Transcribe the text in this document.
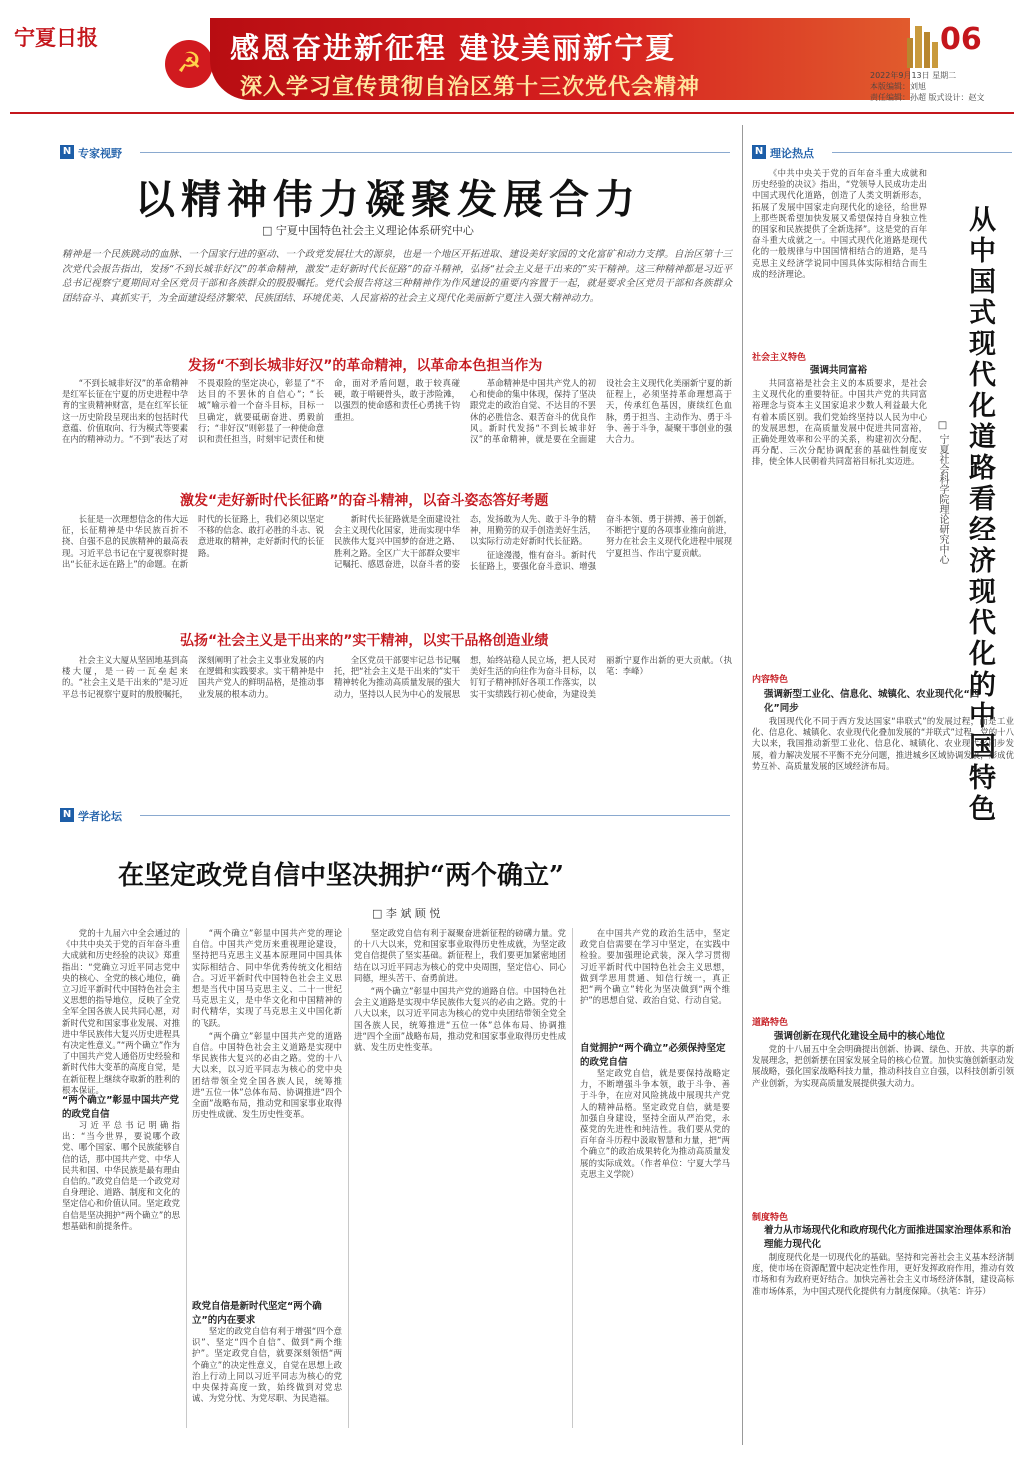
宁夏日报
☭ 感恩奋进新征程 建设美丽新宁夏
深入学习宣传贯彻自治区第十三次党代会精神
06
2022年9月13日 星期二
本版编辑：刘旭
责任编辑：孙超 版式设计：赵文
N 专家视野
以精神伟力凝聚发展合力
□ 宁夏中国特色社会主义理论体系研究中心
精神是一个民族跳动的血脉、一个国家行进的驱动、一个政党发展壮大的源泉，也是一个地区开拓进取、建设美好家园的文化富矿和动力支撑。自治区第十三次党代会报告指出，发扬“不到长城非好汉”的革命精神，激发“走好新时代长征路”的奋斗精神，弘扬“社会主义是干出来的”实干精神。这三种精神都是习近平总书记视察宁夏期间对全区党员干部和各族群众的殷殷嘱托。党代会报告将这三种精神作为作风建设的重要内容置于一起，就是要求全区党员干部和各族群众团结奋斗、真抓实干，为全面建设经济繁荣、民族团结、环境优美、人民富裕的社会主义现代化美丽新宁夏注入强大精神动力。
发扬“不到长城非好汉”的革命精神，以革命本色担当作为

“不到长城非好汉”的革命精神是红军长征在宁夏的历史进程中孕育的宝贵精神财富，是在红军长征这一历史阶段呈现出来的包括时代意蕴、价值取向、行为模式等要素在内的精神动力。“不到”表达了对不畏艰险的坚定决心，彰显了“不达目的不罢休的自信心”；“长城”喻示着一个奋斗目标，目标一旦确定，就要砥砺奋进、勇毅前行；“非好汉”则彰显了一种使命意识和责任担当，时刻牢记责任和使命，面对矛盾问题，敢于较真碰硬，敢于啃硬骨头，敢于涉险滩，以强烈的使命感和责任心勇挑千钧重担。

革命精神是中国共产党人的初心和使命的集中体现，保持了坚决跟党走的政治自觉、不达目的不罢休的必胜信念、艰苦奋斗的优良作风。新时代发扬“不到长城非好汉”的革命精神，就是要在全面建设社会主义现代化美丽新宁夏的新征程上，必须坚持革命理想高于天，传承红色基因，赓续红色血脉，勇于担当、主动作为、勇于斗争、善于斗争，凝聚干事创业的强大合力。

激发“走好新时代长征路”的奋斗精神，以奋斗姿态答好考题

长征是一次理想信念的伟大远征，长征精神是中华民族百折不挠、自强不息的民族精神的最高表现。习近平总书记在宁夏视察时提出“长征永远在路上”的命题。在新时代的长征路上，我们必须以坚定不移的信念、敢打必胜的斗志、锐意进取的精神，走好新时代的长征路。

新时代长征路就是全面建设社会主义现代化国家，进而实现中华民族伟大复兴中国梦的奋进之路、胜利之路。全区广大干部群众要牢记嘱托、感恩奋进，以奋斗者的姿态，发扬敢为人先、敢于斗争的精神，用勤劳的双手创造美好生活，以实际行动走好新时代长征路。

征途漫漫，惟有奋斗。新时代长征路上，要强化奋斗意识、增强奋斗本领、勇于拼搏、善于创新，不断把宁夏的各项事业推向前进，努力在社会主义现代化进程中展现宁夏担当、作出宁夏贡献。

弘扬“社会主义是干出来的”实干精神，以实干品格创造业绩

社会主义大厦从坚固地基到高楼大厦，是一砖一瓦垒起来的。“社会主义是干出来的”是习近平总书记视察宁夏时的殷殷嘱托，深刻阐明了社会主义事业发展的内在逻辑和实践要求。实干精神是中国共产党人的鲜明品格，是推动事业发展的根本动力。

全区党员干部要牢记总书记嘱托，把“社会主义是干出来的”实干精神转化为推动高质量发展的强大动力，坚持以人民为中心的发展思想，始终站稳人民立场，把人民对美好生活的向往作为奋斗目标，以钉钉子精神抓好各项工作落实，以实干实绩践行初心使命，为建设美丽新宁夏作出新的更大贡献。（执笔：李峰）

N 学者论坛
在坚定政党自信中坚决拥护“两个确立”
□ 李 斌 顾 悦

党的十九届六中全会通过的《中共中央关于党的百年奋斗重大成就和历史经验的决议》郑重指出：“党确立习近平同志党中央的核心、全党的核心地位，确立习近平新时代中国特色社会主义思想的指导地位，反映了全党全军全国各族人民共同心愿，对新时代党和国家事业发展、对推进中华民族伟大复兴历史进程具有决定性意义。”“两个确立”作为了中国共产党人通俗历史经验和新时代伟大变革的高度自觉，是在新征程上继续夺取新的胜利的根本保证。

“两个确立”彰显中国共产党的政党自信

习近平总书记明确指出：“当今世界，要说哪个政党、哪个国家、哪个民族能够自信的话，那中国共产党、中华人民共和国、中华民族是最有理由自信的。”政党自信是一个政党对自身理论、道路、制度和文化的坚定信心和价值认同。坚定政党自信是坚决拥护“两个确立”的思想基础和前提条件。

“两个确立”彰显中国共产党的理论自信。中国共产党历来重视理论建设，坚持把马克思主义基本原理同中国具体实际相结合、同中华优秀传统文化相结合。习近平新时代中国特色社会主义思想是当代中国马克思主义、二十一世纪马克思主义，是中华文化和中国精神的时代精华，实现了马克思主义中国化新的飞跃。

“两个确立”彰显中国共产党的道路自信。中国特色社会主义道路是实现中华民族伟大复兴的必由之路。党的十八大以来，以习近平同志为核心的党中央团结带领全党全国各族人民，统筹推进“五位一体”总体布局、协调推进“四个全面”战略布局，推动党和国家事业取得历史性成就、发生历史性变革。

政党自信是新时代坚定“两个确立”的内在要求

坚定的政党自信有利于增强“四个意识”、坚定“四个自信”、做到“两个维护”。坚定政党自信，就要深刻领悟“两个确立”的决定性意义，自觉在思想上政治上行动上同以习近平同志为核心的党中央保持高度一致，始终做到对党忠诚、为党分忧、为党尽职、为民造福。

坚定政党自信有利于凝聚奋进新征程的磅礴力量。党的十八大以来，党和国家事业取得历史性成就，为坚定政党自信提供了坚实基础。新征程上，我们要更加紧密地团结在以习近平同志为核心的党中央周围，坚定信心、同心同德，埋头苦干、奋勇前进。

“两个确立”彰显中国共产党的道路自信。中国特色社会主义道路是实现中华民族伟大复兴的必由之路。党的十八大以来，以习近平同志为核心的党中央团结带领全党全国各族人民，统筹推进“五位一体”总体布局、协调推进“四个全面”战略布局，推动党和国家事业取得历史性成就、发生历史性变革。	自觉拥护“两个确立”必须保持坚定的政党自信

在中国共产党的政治生活中，坚定政党自信需要在学习中坚定，在实践中检验。要加强理论武装，深入学习贯彻习近平新时代中国特色社会主义思想，做到学思用贯通、知信行统一，真正把“两个确立”转化为坚决做到“两个维护”的思想自觉、政治自觉、行动自觉。

坚定政党自信，就是要保持战略定力，不断增强斗争本领，敢于斗争、善于斗争，在应对风险挑战中展现共产党人的精神品格。坚定政党自信，就是要加强自身建设，坚持全面从严治党，永葆党的先进性和纯洁性。我们要从党的百年奋斗历程中汲取智慧和力量，把“两个确立”的政治成果转化为推动高质量发展的实际成效。（作者单位：宁夏大学马克思主义学院）

N 理论热点
从中国式现代化道路看经济现代化的中国特色
□ 宁夏社会科学院理论研究中心

《中共中央关于党的百年奋斗重大成就和历史经验的决议》指出，“党领导人民成功走出中国式现代化道路，创造了人类文明新形态，拓展了发展中国家走向现代化的途径，给世界上那些既希望加快发展又希望保持自身独立性的国家和民族提供了全新选择”。这是党的百年奋斗重大成就之一。中国式现代化道路是现代化的一般规律与中国国情相结合的道路，是马克思主义经济学说同中国具体实际相结合而生成的经济理论。

社会主义特色
强调共同富裕

共同富裕是社会主义的本质要求，是社会主义现代化的重要特征。中国共产党的共同富裕理念与资本主义国家追求少数人利益最大化有着本质区别。我们党始终坚持以人民为中心的发展思想，在高质量发展中促进共同富裕，正确处理效率和公平的关系，构建初次分配、再分配、三次分配协调配套的基础性制度安排，使全体人民朝着共同富裕目标扎实迈进。

内容特色
强调新型工业化、信息化、城镇化、农业现代化“四化”同步

我国现代化不同于西方发达国家“串联式”的发展过程，而是工业化、信息化、城镇化、农业现代化叠加发展的“并联式”过程。党的十八大以来，我国推动新型工业化、信息化、城镇化、农业现代化同步发展，着力解决发展不平衡不充分问题，推进城乡区域协调发展，形成优势互补、高质量发展的区域经济布局。

道路特色
强调创新在现代化建设全局中的核心地位

党的十八届五中全会明确提出创新、协调、绿色、开放、共享的新发展理念，把创新摆在国家发展全局的核心位置。加快实施创新驱动发展战略，强化国家战略科技力量，推动科技自立自强，以科技创新引领产业创新，为实现高质量发展提供强大动力。

制度特色
着力从市场现代化和政府现代化方面推进国家治理体系和治理能力现代化

制度现代化是一切现代化的基础。坚持和完善社会主义基本经济制度，使市场在资源配置中起决定性作用，更好发挥政府作用，推动有效市场和有为政府更好结合。加快完善社会主义市场经济体制，建设高标准市场体系，为中国式现代化提供有力制度保障。（执笔：许芬）
